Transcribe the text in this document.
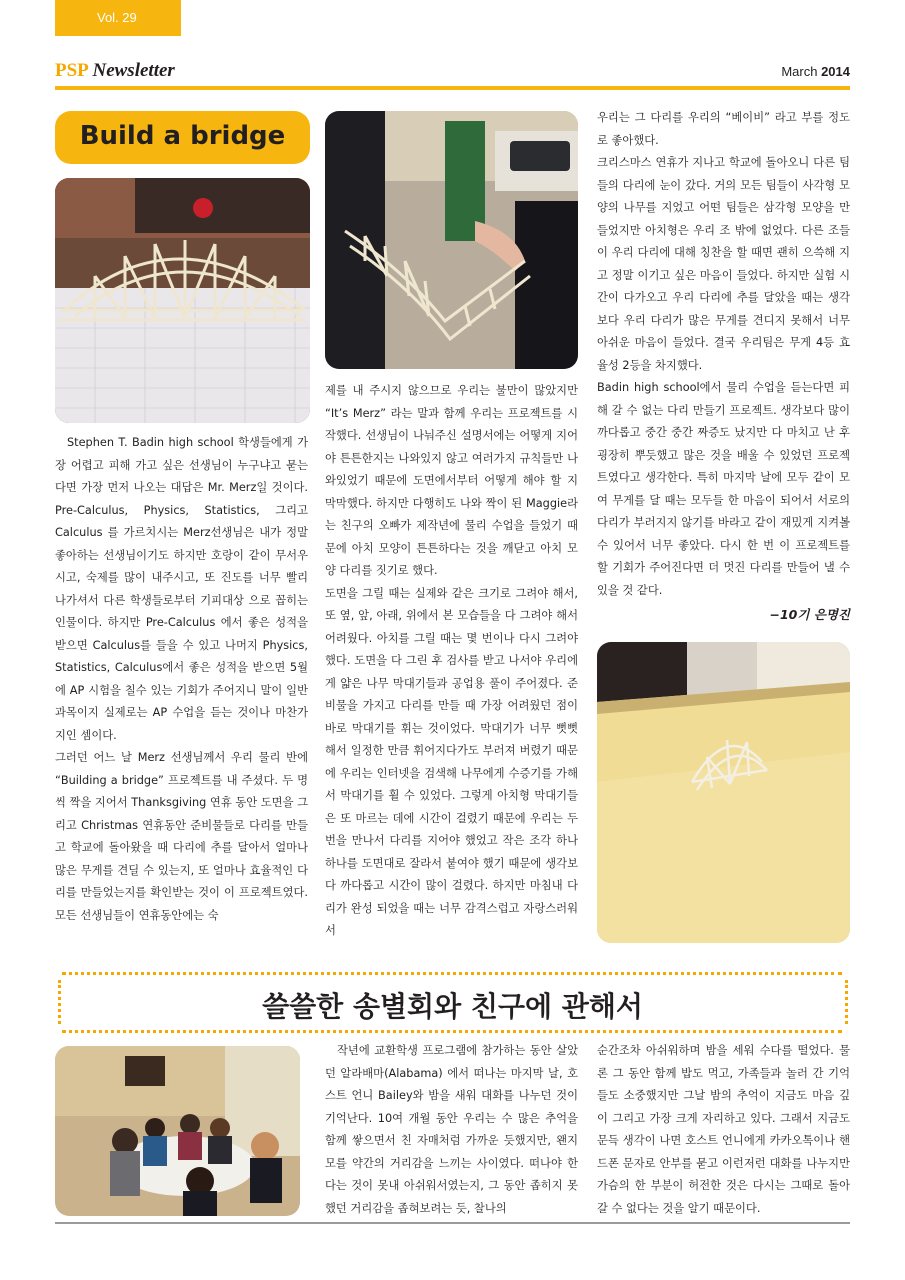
Vol. 29
PSP Newsletter	March 2014
Build a bridge

Stephen T. Badin high school 학생들에게 가장 어렵고 피해 가고 싶은 선생님이 누구냐고 묻는다면 가장 먼저 나오는 대답은 Mr. Merz일 것이다. Pre-Calculus, Physics, Statistics, 그리고 Calculus 를 가르치시는 Merz선생님은 내가 정말 좋아하는 선생님이기도 하지만 호랑이 같이 무서우시고, 숙제를 많이 내주시고, 또 진도를 너무 빨리 나가셔서 다른 학생들로부터 기피대상 으로 꼽히는 인물이다. 하지만 Pre-Calculus 에서 좋은 성적을 받으면 Calculus를 들을 수 있고 나머지 Physics, Statistics, Calculus에서 좋은 성적을 받으면 5월에 AP 시험을 칠수 있는 기회가 주어지니 말이 일반 과목이지 실제로는 AP 수업을 듣는 것이나 마찬가지인 셈이다.

그러던 어느 날 Merz 선생님께서 우리 물리 반에 “Building a bridge” 프로젝트를 내 주셨다. 두 명씩 짝을 지어서 Thanksgiving 연휴 동안 도면을 그리고 Christmas 연휴동안 준비물들로 다리를 만들고 학교에 돌아왔을 때 다리에 추를 달아서 얼마나 많은 무게를 견딜 수 있는지, 또 얼마나 효율적인 다리를 만들었는지를 확인받는 것이 이 프로젝트였다. 모든 선생님들이 연휴동안에는 숙

제를 내 주시지 않으므로 우리는 불만이 많았지만 “It’s Merz” 라는 말과 함께 우리는 프로젝트를 시작했다. 선생님이 나눠주신 설명서에는 어떻게 지어야 튼튼한지는 나와있지 않고 여러가지 규칙들만 나와있었기 때문에 도면에서부터 어떻게 해야 할 지 막막했다. 하지만 다행히도 나와 짝이 된 Maggie라는 친구의 오빠가 제작년에 물리 수업을 들었기 때문에 아치 모양이 튼튼하다는 것을 깨닫고 아치 모양 다리를 짓기로 했다.

도면을 그릴 때는 실제와 같은 크기로 그려야 해서, 또 옆, 앞, 아래, 위에서 본 모습들을 다 그려야 해서 어려웠다. 아치를 그릴 때는 몇 번이나 다시 그려야 했다. 도면을 다 그린 후 검사를 받고 나서야 우리에게 얇은 나무 막대기들과 공업용 풀이 주어졌다. 준비물을 가지고 다리를 만들 때 가장 어려웠던 점이 바로 막대기를 휘는 것이었다. 막대기가 너무 뻣뻣해서 일정한 만큼 휘어지다가도 부러져 버렸기 때문에 우리는 인터넷을 검색해 나무에게 수증기를 가해서 막대기를 휠 수 있었다. 그렇게 아치형 막대기들은 또 마르는 데에 시간이 걸렸기 때문에 우리는 두 번을 만나서 다리를 지어야 했었고 작은 조각 하나하나를 도면대로 잘라서 붙여야 했기 때문에 생각보다 까다롭고 시간이 많이 걸렸다. 하지만 마침내 다리가 완성 되었을 때는 너무 감격스럽고 자랑스러워서

우리는 그 다리를 우리의 “베이비” 라고 부를 정도로 좋아했다.

크리스마스 연휴가 지나고 학교에 돌아오니 다른 팀들의 다리에 눈이 갔다. 거의 모든 팀들이 사각형 모양의 나무를 지었고 어떤 팀들은 삼각형 모양을 만들었지만 아치형은 우리 조 밖에 없었다. 다른 조들이 우리 다리에 대해 칭찬을 할 때면 괜히 으쓱해 지고 정말 이기고 싶은 마음이 들었다. 하지만 실험 시간이 다가오고 우리 다리에 추를 달았을 때는 생각보다 우리 다리가 많은 무게를 견디지 못해서 너무 아쉬운 마음이 들었다. 결국 우리팀은 무게 4등 효율성 2등을 차지했다.

Badin high school에서 물리 수업을 듣는다면 피해 갈 수 없는 다리 만들기 프로젝트. 생각보다 많이 까다롭고 중간 중간 짜증도 났지만 다 마치고 난 후 굉장히 뿌듯했고 많은 것을 배울 수 있었던 프로젝트였다고 생각한다. 특히 마지막 날에 모두 같이 모여 무게를 달 때는 모두들 한 마음이 되어서 서로의 다리가 부러지지 않기를 바라고 같이 재밌게 지켜볼 수 있어서 너무 좋았다. 다시 한 번 이 프로젝트를 할 기회가 주어진다면 더 멋진 다리를 만들어 낼 수 있을 것 같다.

−10기 은명진
쓸쓸한 송별회와 친구에 관해서

작년에 교환학생 프로그램에 참가하는 동안 살았던 알라배마(Alabama) 에서 떠나는 마지막 날, 호스트 언니 Bailey와 밤을 새워 대화를 나누던 것이 기억난다. 10여 개월 동안 우리는 수 많은 추억을 함께 쌓으면서 친 자매처럼 가까운 듯했지만, 왠지 모를 약간의 거리감을 느끼는 사이였다. 떠나야 한다는 것이 못내 아쉬워서였는지, 그 동안 좁히지 못했던 거리감을 좁혀보려는 듯, 찰나의

순간조차 아쉬워하며 밤을 세워 수다를 떨었다. 물론 그 동안 함께 밥도 먹고, 가족들과 놀러 간 기억들도 소중했지만 그날 밤의 추억이 지금도 마음 깊이 그리고 가장 크게 자리하고 있다. 그래서 지금도 문득 생각이 나면 호스트 언니에게 카카오톡이나 핸드폰 문자로 안부를 묻고 이런저런 대화를 나누지만 가슴의 한 부분이 허전한 것은 다시는 그때로 돌아갈 수 없다는 것을 알기 때문이다.
